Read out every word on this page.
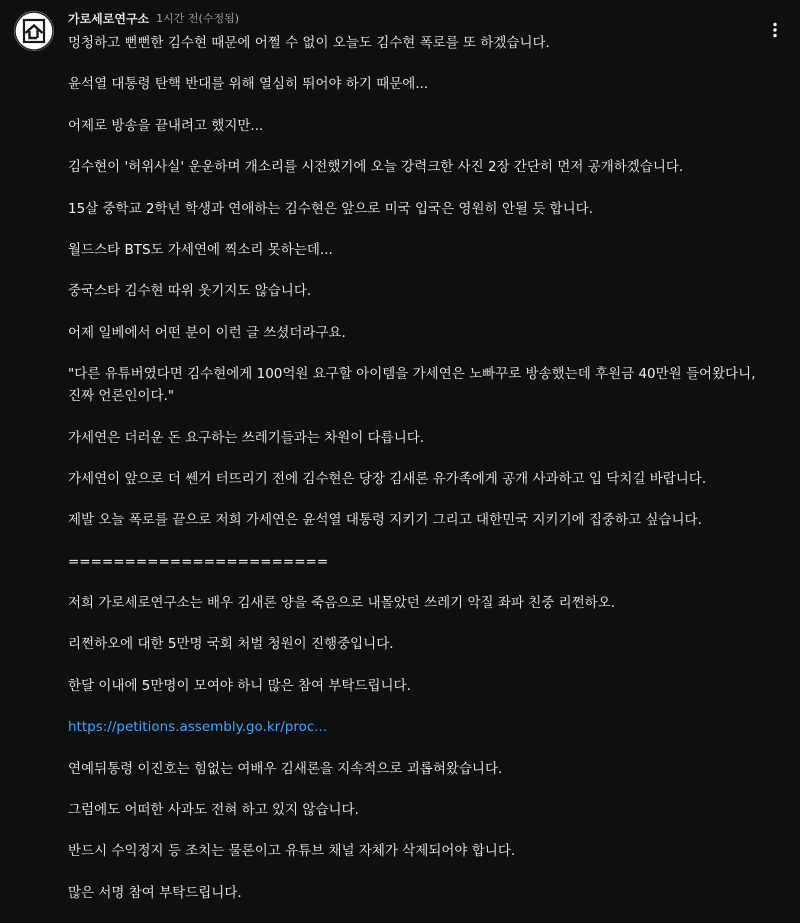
가로세로연구소 1시간 전(수정됨)
멍청하고 뻔뻔한 김수현 때문에 어쩔 수 없이 오늘도 김수현 폭로를 또 하겠습니다.
윤석열 대통령 탄핵 반대를 위해 열심히 뛰어야 하기 때문에...
어제로 방송을 끝내려고 했지만...
김수현이 '허위사실' 운운하며 개소리를 시전했기에 오늘 강력크한 사진 2장 간단히 먼저 공개하겠습니다.
15살 중학교 2학년 학생과 연애하는 김수현은 앞으로 미국 입국은 영원히 안될 듯 합니다.
월드스타 BTS도 가세연에 찍소리 못하는데...
중국스타 김수현 따위 웃기지도 않습니다.
어제 일베에서 어떤 분이 이런 글 쓰셨더라구요.
"다른 유튜버였다면 김수현에게 100억원 요구할 아이템을 가세연은 노빠꾸로 방송했는데 후원금 40만원 들어왔다니,
진짜 언론인이다."
가세연은 더러운 돈 요구하는 쓰레기들과는 차원이 다릅니다.
가세연이 앞으로 더 쎈거 터뜨리기 전에 김수현은 당장 김새론 유가족에게 공개 사과하고 입 닥치길 바랍니다.
제발 오늘 폭로를 끝으로 저희 가세연은 윤석열 대통령 지키기 그리고 대한민국 지키기에 집중하고 싶습니다.
=======================
저희 가로세로연구소는 배우 김새론 양을 죽음으로 내몰았던 쓰레기 악질 좌파 친중 리쩐하오.
리쩐하오에 대한 5만명 국회 처벌 청원이 진행중입니다.
한달 이내에 5만명이 모여야 하니 많은 참여 부탁드립니다.
https://petitions.assembly.go.kr/proc...
연예뒤통령 이진호는 힘없는 여배우 김새론을 지속적으로 괴롭혀왔습니다.
그럼에도 어떠한 사과도 전혀 하고 있지 않습니다.
반드시 수익정지 등 조치는 물론이고 유튜브 채널 자체가 삭제되어야 합니다.
많은 서명 참여 부탁드립니다.
